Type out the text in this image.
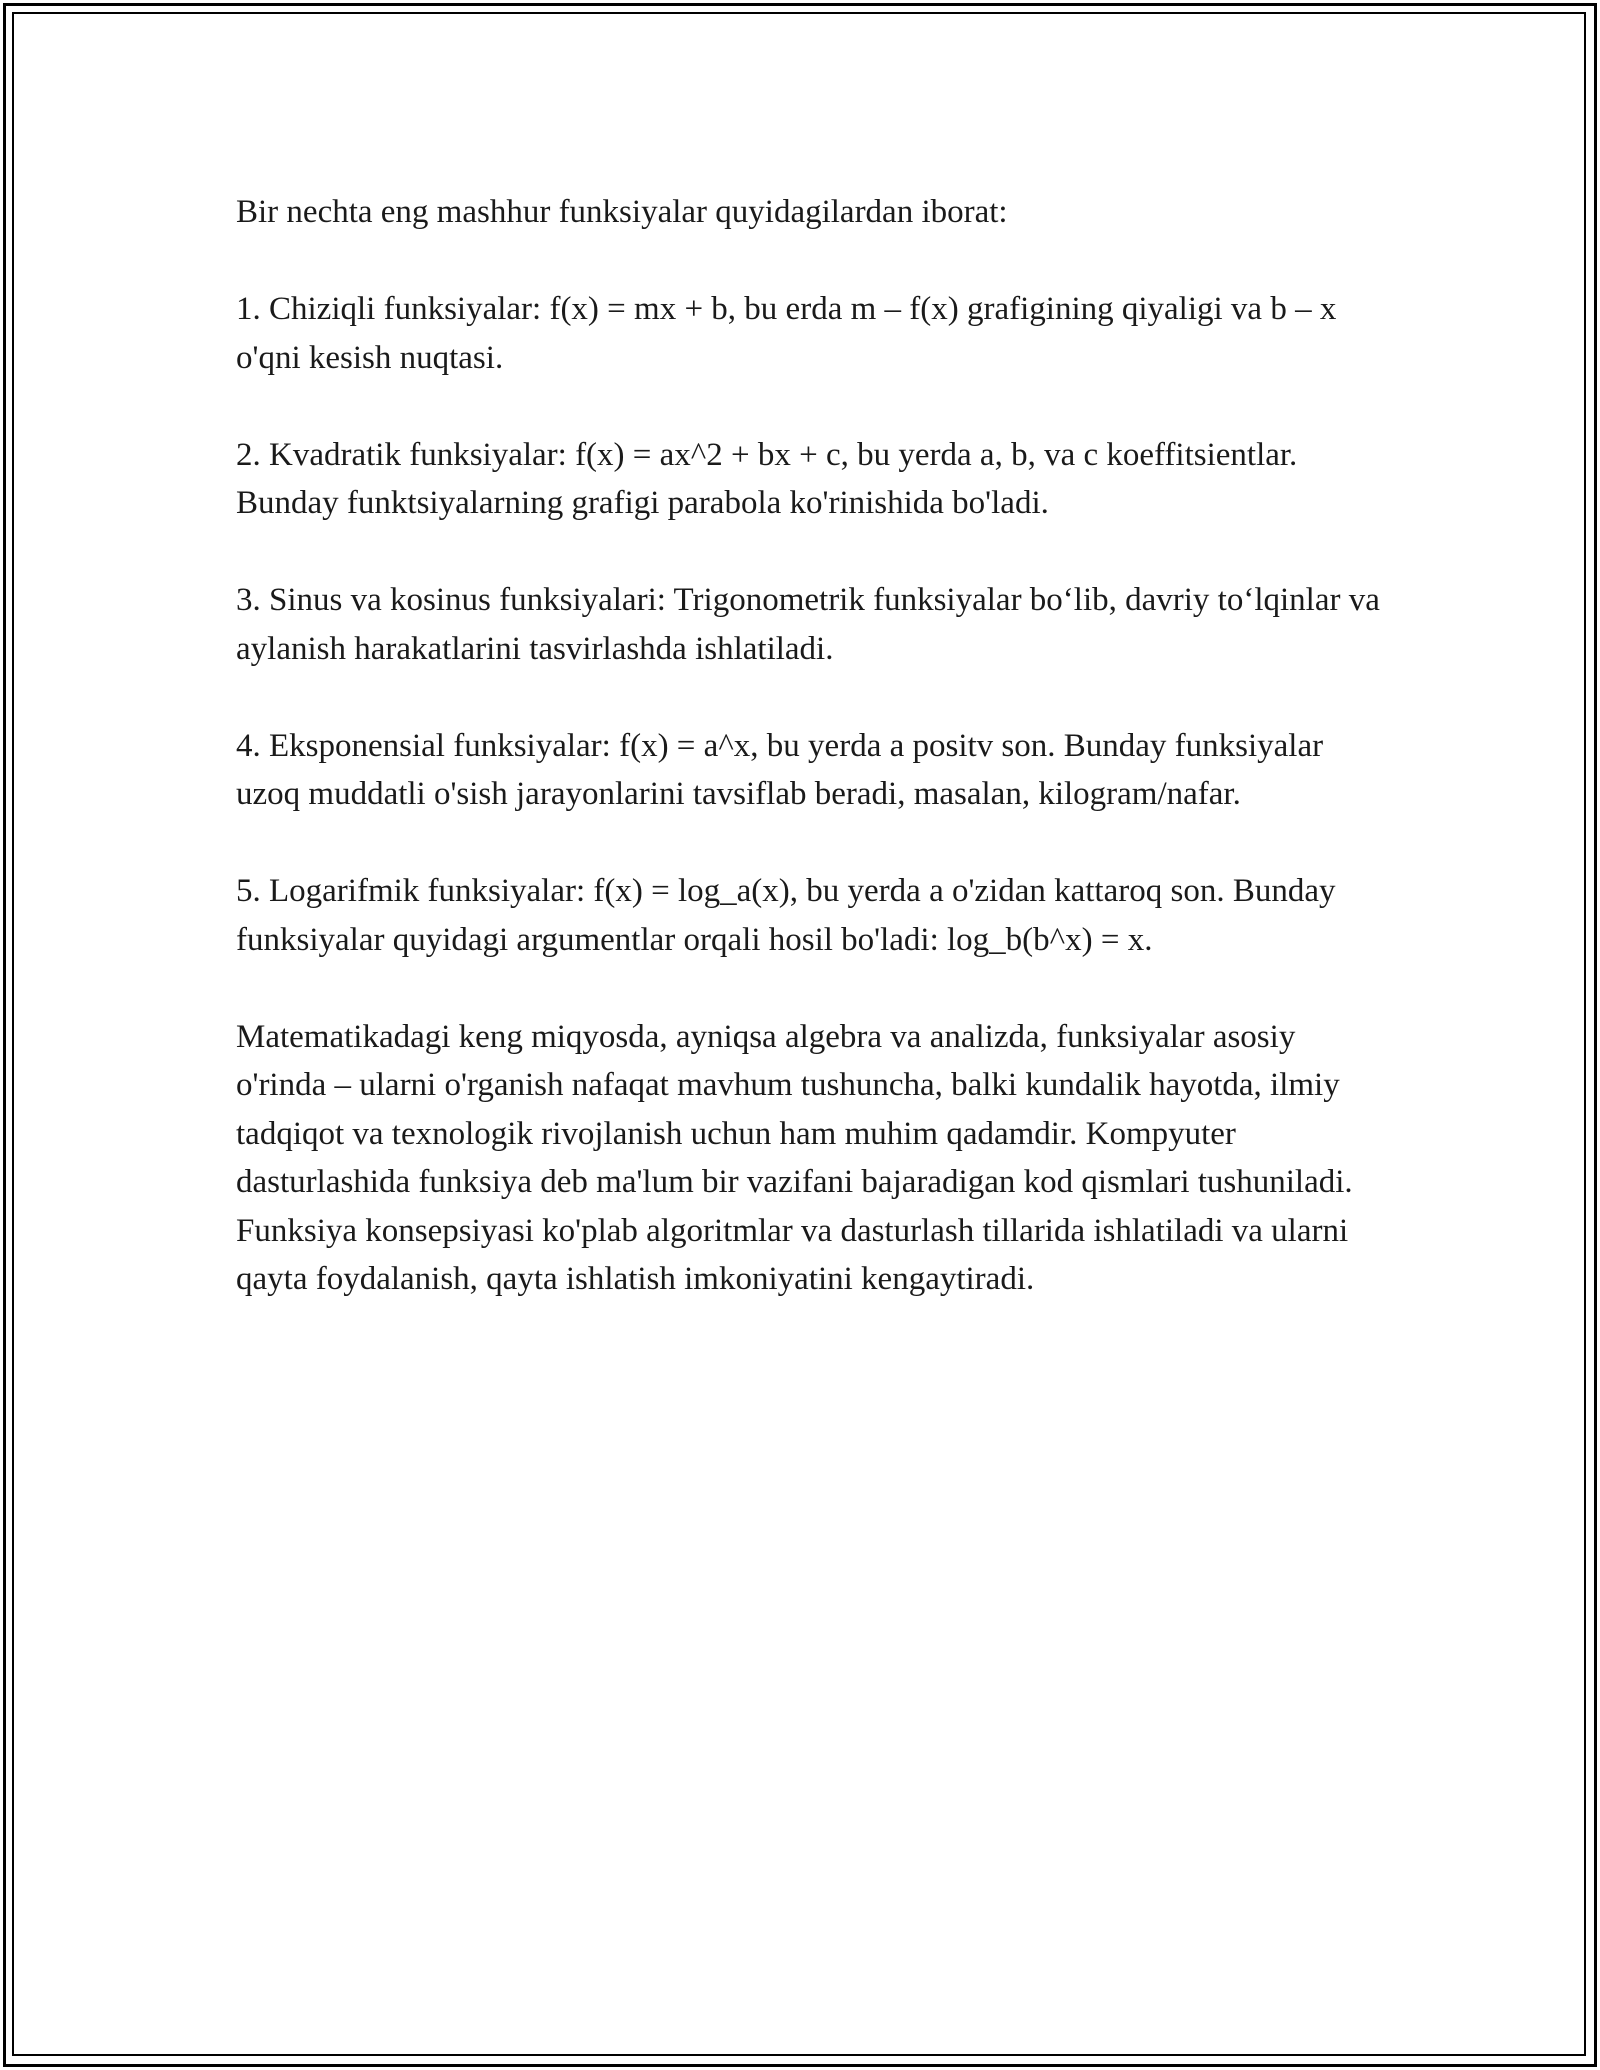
Bir nechta eng mashhur funksiyalar quyidagilardan iborat:

1. Chiziqli funksiyalar: f(x) = mx + b, bu erda m – f(x) grafigining qiyaligi va b – x o'qni kesish nuqtasi.

2. Kvadratik funksiyalar: f(x) = ax^2 + bx + c, bu yerda a, b, va c koeffitsientlar. Bunday funktsiyalarning grafigi parabola ko'rinishida bo'ladi.

3. Sinus va kosinus funksiyalari: Trigonometrik funksiyalar bo‘lib, davriy to‘lqinlar va aylanish harakatlarini tasvirlashda ishlatiladi.

4. Eksponensial funksiyalar: f(x) = a^x, bu yerda a positv son. Bunday funksiyalar uzoq muddatli o'sish jarayonlarini tavsiflab beradi, masalan, kilogram/nafar.

5. Logarifmik funksiyalar: f(x) = log_a(x), bu yerda a o'zidan kattaroq son. Bunday funksiyalar quyidagi argumentlar orqali hosil bo'ladi: log_b(b^x) = x.

Matematikadagi keng miqyosda, ayniqsa algebra va analizda, funksiyalar asosiy o'rinda – ularni o'rganish nafaqat mavhum tushuncha, balki kundalik hayotda, ilmiy tadqiqot va texnologik rivojlanish uchun ham muhim qadamdir. Kompyuter dasturlashida funksiya deb ma'lum bir vazifani bajaradigan kod qismlari tushuniladi. Funksiya konsepsiyasi ko'plab algoritmlar va dasturlash tillarida ishlatiladi va ularni qayta foydalanish, qayta ishlatish imkoniyatini kengaytiradi.
